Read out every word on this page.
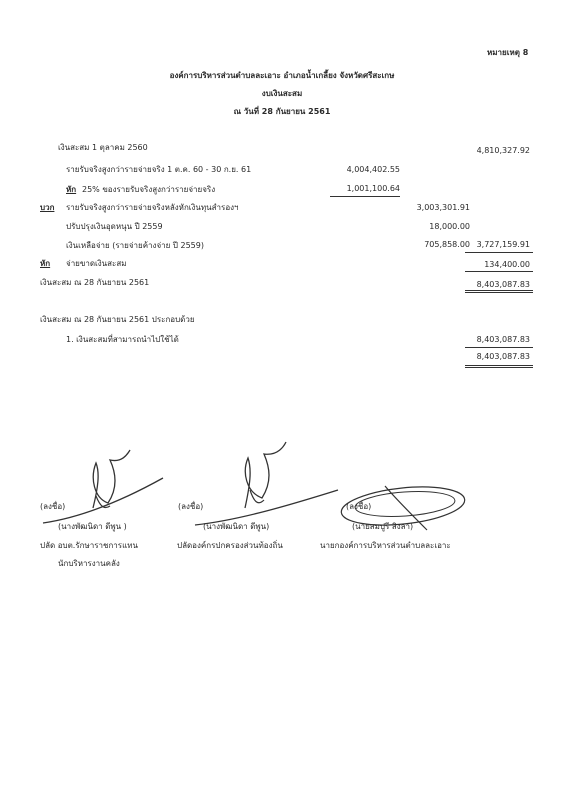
หมายเหตุ 8
องค์การบริหารส่วนตำบลละเอาะ อำเภอน้ำเกลี้ยง จังหวัดศรีสะเกษ
งบเงินสะสม
ณ วันที่ 28 กันยายน 2561
เงินสะสม 1 ตุลาคม 2560	4,810,327.92
รายรับจริงสูงกว่ารายจ่ายจริง 1 ต.ค. 60 - 30 ก.ย. 61	4,004,402.55
หัก 25% ของรายรับจริงสูงกว่ารายจ่ายจริง	1,001,100.64
บวก รายรับจริงสูงกว่ารายจ่ายจริงหลังหักเงินทุนสำรองฯ	3,003,301.91
ปรับปรุงเงินอุดหนุน ปี 2559	18,000.00
เงินเหลือจ่าย (รายจ่ายค้างจ่าย ปี 2559)	705,858.00 3,727,159.91
หัก จ่ายขาดเงินสะสม	134,400.00
เงินสะสม ณ 28 กันยายน 2561	8,403,087.83
เงินสะสม ณ 28 กันยายน 2561 ประกอบด้วย
1. เงินสะสมที่สามารถนำไปใช้ได้	8,403,087.83
8,403,087.83
(ลงชื่อ)
(นางพัฒนิดา ดีพูน )
ปลัด อบต.รักษาราชการแทน
นักบริหารงานคลัง
(ลงชื่อ)
(นางพัฒนิดา ดีพูน)
ปลัดองค์กรปกครองส่วนท้องถิ่น
(ลงชื่อ)
(นายสมปูรี สิงลา)
นายกองค์การบริหารส่วนตำบลละเอาะ
